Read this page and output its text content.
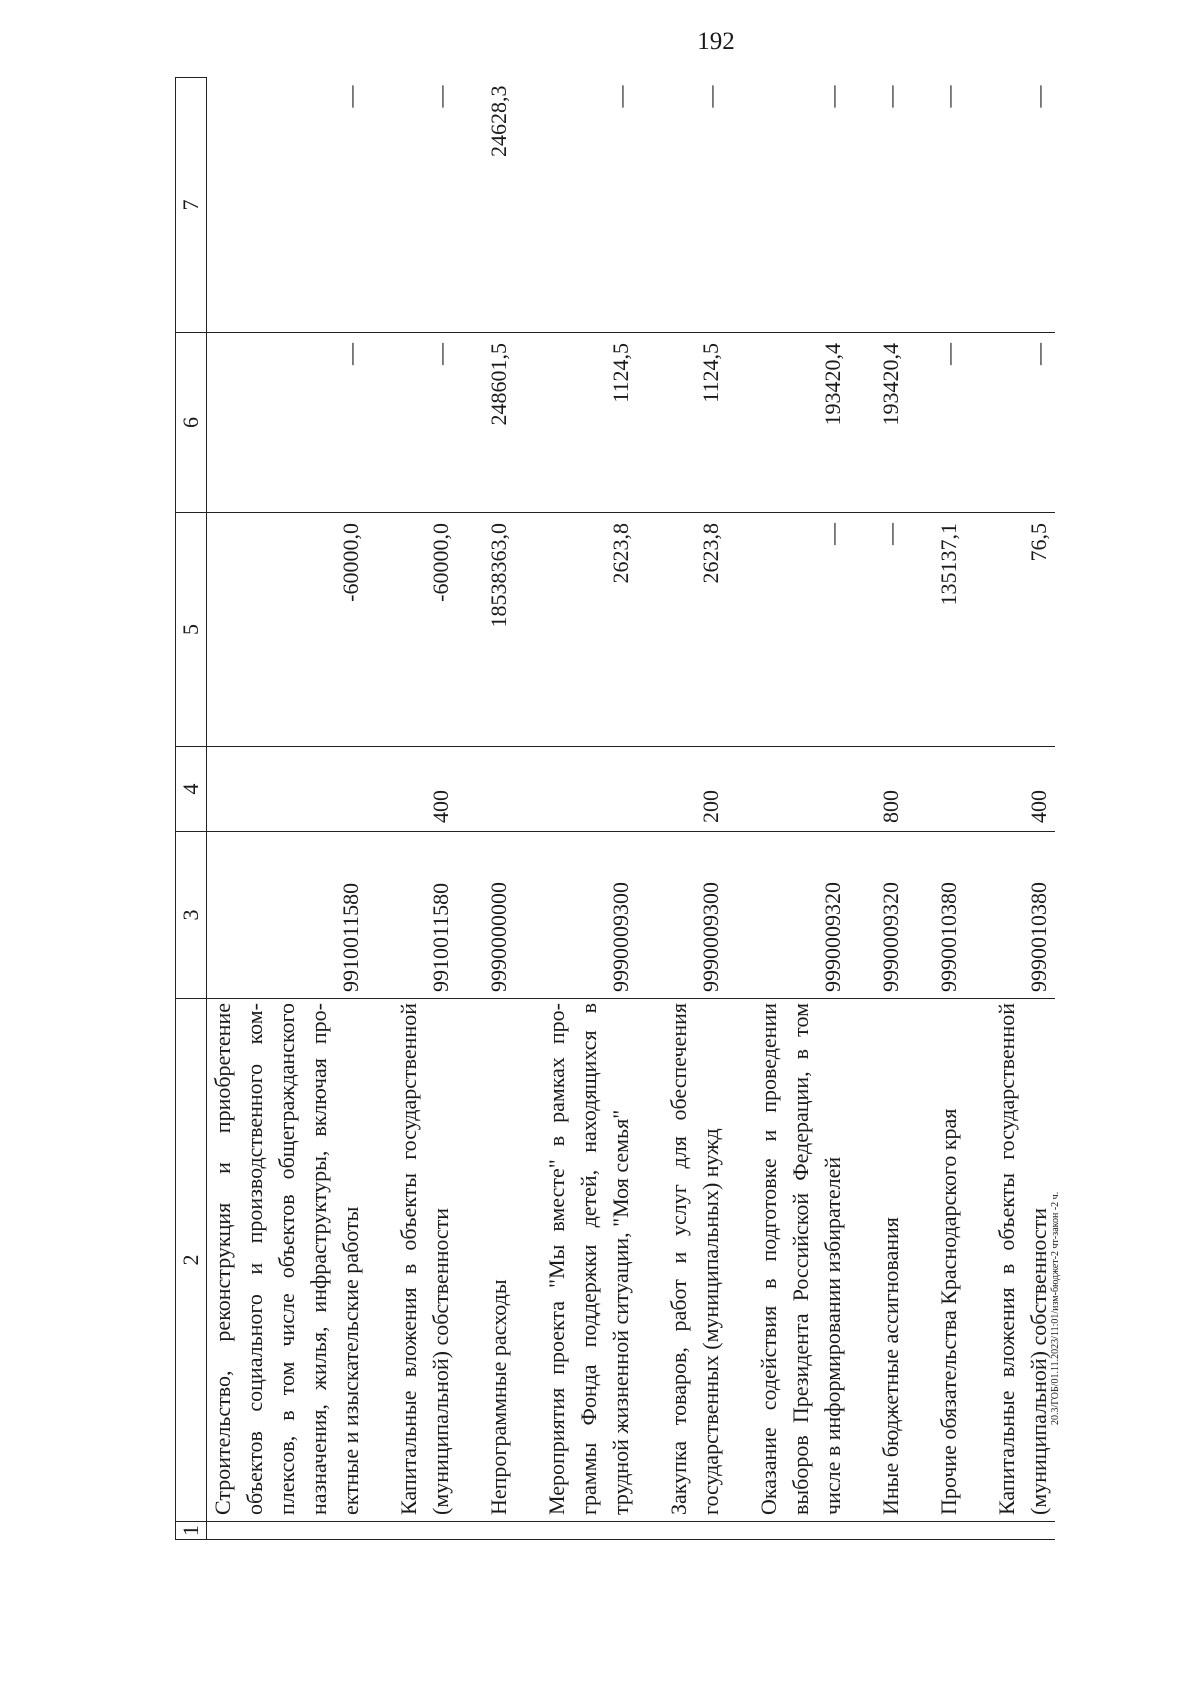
192
1	2	3	4	5	6	7
	Строительство, реконструкция и приобретение объектов социального и производственного ком-плексов, в том числе объектов общегражданского назначения, жилья, инфраструктуры, включая про-ектные и изыскательские работы	9910011580		-60000,0	—	—

	Капитальные вложения в объекты государственной (муниципальной) собственности	9910011580	400	-60000,0	—	—

	Непрограммные расходы	9990000000		18538363,0	248601,5	24628,3

	Мероприятия проекта "Мы вместе" в рамках про-граммы Фонда поддержки детей, находящихся в трудной жизненной ситуации, "Моя семья"	9990009300		2623,8	1124,5	—

	Закупка товаров, работ и услуг для обеспечения государственных (муниципальных) нужд	9990009300	200	2623,8	1124,5	—

	Оказание содействия в подготовке и проведении выборов Президента Российской Федерации, в том числе в информировании избирателей	9990009320		—	193420,4	—

	Иные бюджетные ассигнования	9990009320	800	—	193420,4	—

	Прочие обязательства Краснодарского края	9990010380		135137,1	—	—

	Капитальные вложения в объекты государственной (муниципальной) собственности	9990010380	400	76,5	—	—
20.3/ГОБ/01.11.2023/11:01/изм-бюджет-2 чт-закон -2 ч.
